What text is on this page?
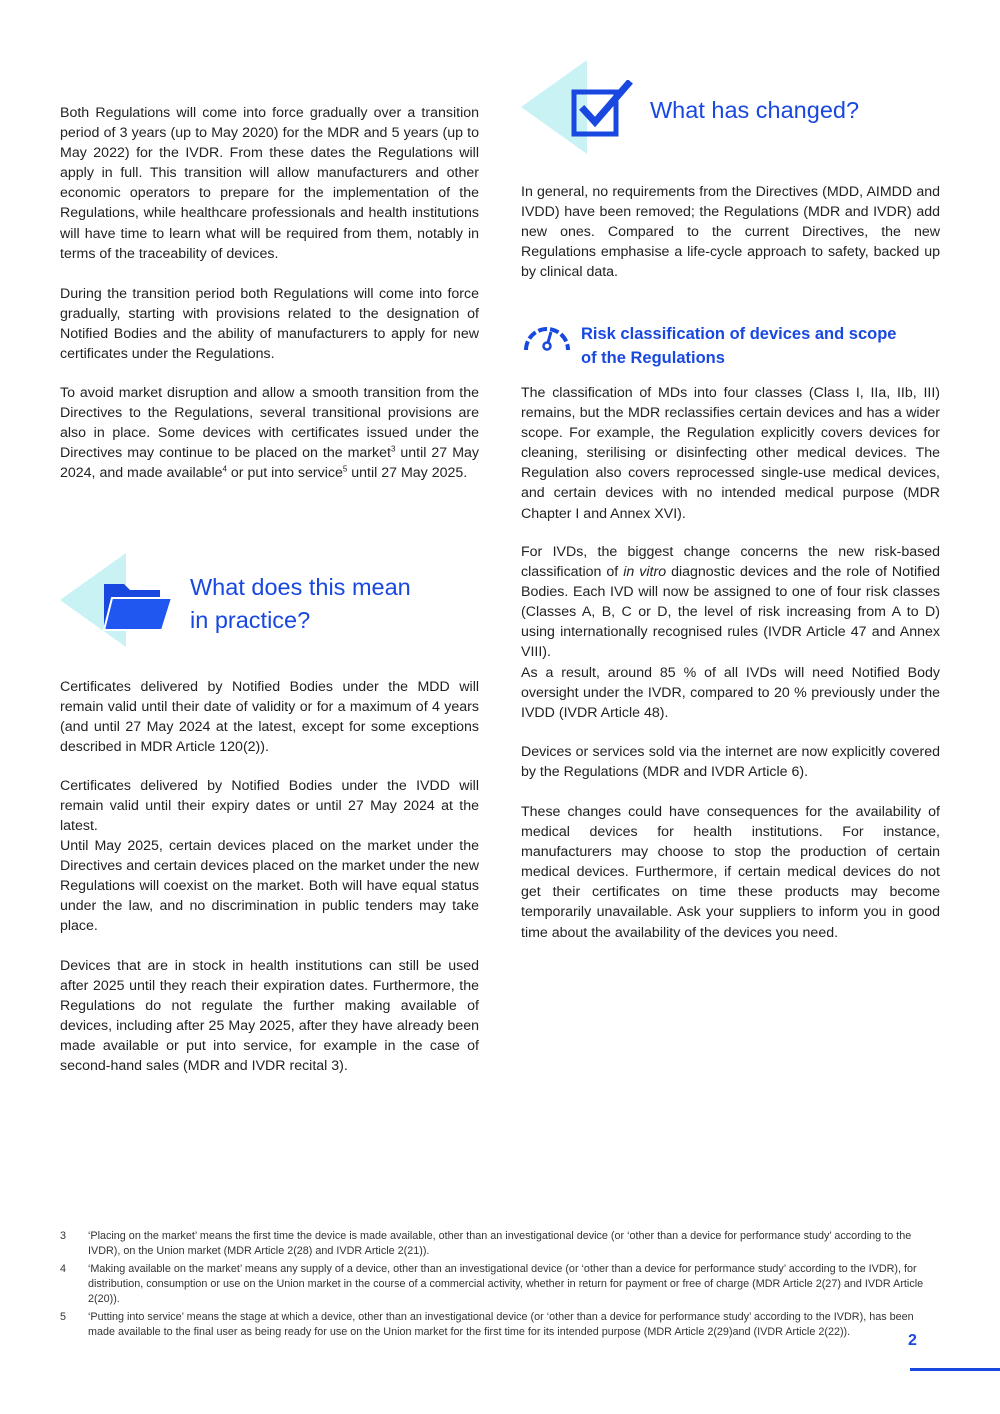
Both Regulations will come into force gradually over a transition period of 3 years (up to May 2020) for the MDR and 5 years (up to May 2022) for the IVDR. From these dates the Regulations will apply in full. This transition will allow manufacturers and other economic operators to prepare for the implementation of the Regulations, while healthcare professionals and health institutions will have time to learn what will be required from them, notably in terms of the traceability of devices.

During the transition period both Regulations will come into force gradually, starting with provisions related to the designation of Notified Bodies and the ability of manufacturers to apply for new certificates under the Regulations.

To avoid market disruption and allow a smooth transition from the Directives to the Regulations, several transitional provisions are also in place. Some devices with certificates issued under the Directives may continue to be placed on the market$^3$ until 27 May 2024, and made available$^4$ or put into service$^5$ until 27 May 2025.

What does this mean
in practice?

Certificates delivered by Notified Bodies under the MDD will remain valid until their date of validity or for a maximum of 4 years (and until 27 May 2024 at the latest, except for some exceptions described in MDR Article 120(2)).

Certificates delivered by Notified Bodies under the IVDD will remain valid until their expiry dates or until 27 May 2024 at the latest.

Until May 2025, certain devices placed on the market under the Directives and certain devices placed on the market under the new Regulations will coexist on the market. Both will have equal status under the law, and no discrimination in public tenders may take place.

Devices that are in stock in health institutions can still be used after 2025 until they reach their expiration dates. Furthermore, the Regulations do not regulate the further making available of devices, including after 25 May 2025, after they have already been made available or put into service, for example in the case of second-hand sales (MDR and IVDR recital 3).

What has changed?

In general, no requirements from the Directives (MDD, AIMDD and IVDD) have been removed; the Regulations (MDR and IVDR) add new ones. Compared to the current Directives, the new Regulations emphasise a life-cycle approach to safety, backed up by clinical data.

Risk classification of devices and scope
of the Regulations

The classification of MDs into four classes (Class I, IIa, IIb, III) remains, but the MDR reclassifies certain devices and has a wider scope. For example, the Regulation explicitly covers devices for cleaning, sterilising or disinfecting other medical devices. The Regulation also covers reprocessed single-use medical devices, and certain devices with no intended medical purpose (MDR Chapter I and Annex XVI).

For IVDs, the biggest change concerns the new risk-based classification of in vitro diagnostic devices and the role of Notified Bodies. Each IVD will now be assigned to one of four risk classes (Classes A, B, C or D, the level of risk increasing from A to D) using internationally recognised rules (IVDR Article 47 and Annex VIII).

As a result, around 85 % of all IVDs will need Notified Body oversight under the IVDR, compared to 20 % previously under the IVDD (IVDR Article 48).

Devices or services sold via the internet are now explicitly covered by the Regulations (MDR and IVDR Article 6).

These changes could have consequences for the availability of medical devices for health institutions. For instance, manufacturers may choose to stop the production of certain medical devices. Furthermore, if certain medical devices do not get their certificates on time these products may become temporarily unavailable. Ask your suppliers to inform you in good time about the availability of the devices you need.

3 ‘Placing on the market’ means the first time the device is made available, other than an investigational device (or ‘other than a device for performance study’ according to the IVDR), on the Union market (MDR Article 2(28) and IVDR Article 2(21)).
4 ‘Making available on the market’ means any supply of a device, other than an investigational device (or ‘other than a device for performance study’ according to the IVDR), for distribution, consumption or use on the Union market in the course of a commercial activity, whether in return for payment or free of charge (MDR Article 2(27) and IVDR Article 2(20)).
5 ‘Putting into service’ means the stage at which a device, other than an investigational device (or ‘other than a device for performance study’ according to the IVDR), has been made available to the final user as being ready for use on the Union market for the first time for its intended purpose (MDR Article 2(29)and (IVDR Article 2(22)).	2
